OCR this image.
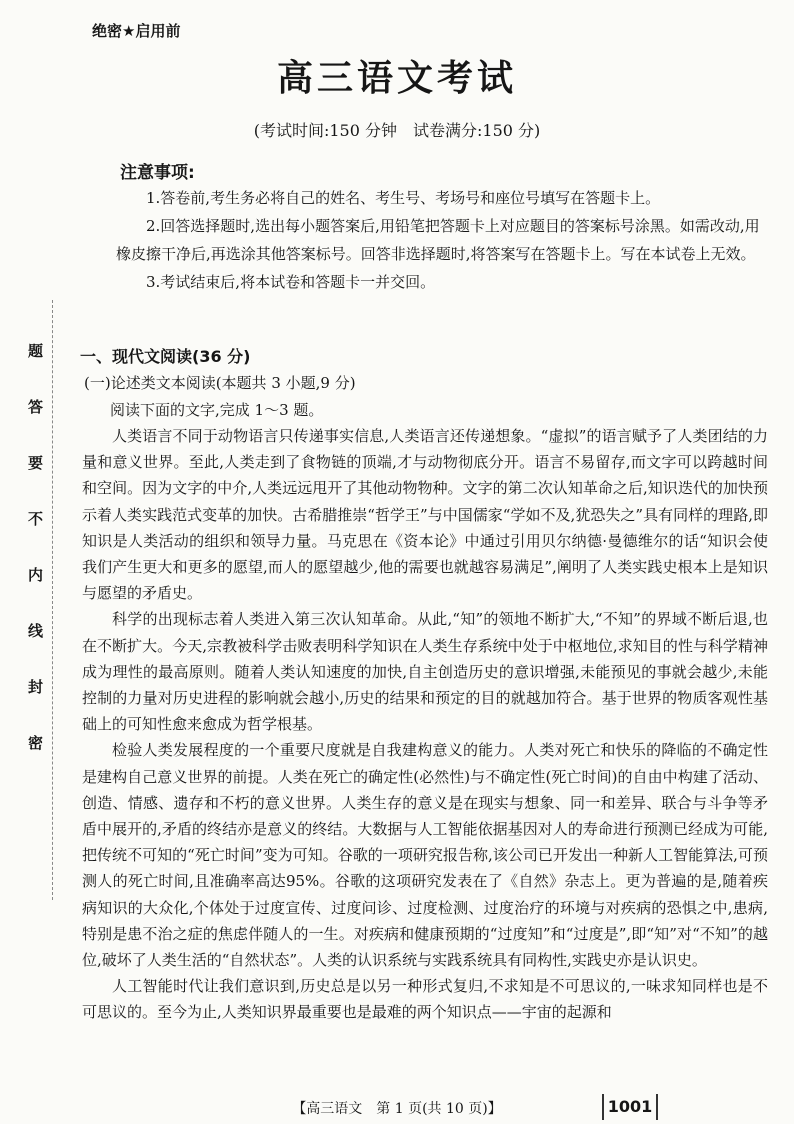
绝密★启用前
高三语文考试
(考试时间:150 分钟　试卷满分:150 分)
注意事项:

1.答卷前,考生务必将自己的姓名、考生号、考场号和座位号填写在答题卡上。

2.回答选择题时,选出每小题答案后,用铅笔把答题卡上对应题目的答案标号涂黑。如需改动,用橡皮擦干净后,再选涂其他答案标号。回答非选择题时,将答案写在答题卡上。写在本试卷上无效。

3.考试结束后,将本试卷和答题卡一并交回。

题
答
要
不
内
线
封
密
一、现代文阅读(36 分)
(一)论述类文本阅读(本题共 3 小题,9 分)
阅读下面的文字,完成 1～3 题。

人类语言不同于动物语言只传递事实信息,人类语言还传递想象。“虚拟”的语言赋予了人类团结的力量和意义世界。至此,人类走到了食物链的顶端,才与动物彻底分开。语言不易留存,而文字可以跨越时间和空间。因为文字的中介,人类远远甩开了其他动物物种。文字的第二次认知革命之后,知识迭代的加快预示着人类实践范式变革的加快。古希腊推崇“哲学王”与中国儒家“学如不及,犹恐失之”具有同样的理路,即知识是人类活动的组织和领导力量。马克思在《资本论》中通过引用贝尔纳德·曼德维尔的话“知识会使我们产生更大和更多的愿望,而人的愿望越少,他的需要也就越容易满足”,阐明了人类实践史根本上是知识与愿望的矛盾史。

科学的出现标志着人类进入第三次认知革命。从此,“知”的领地不断扩大,“不知”的界域不断后退,也在不断扩大。今天,宗教被科学击败表明科学知识在人类生存系统中处于中枢地位,求知目的性与科学精神成为理性的最高原则。随着人类认知速度的加快,自主创造历史的意识增强,未能预见的事就会越少,未能控制的力量对历史进程的影响就会越小,历史的结果和预定的目的就越加符合。基于世界的物质客观性基础上的可知性愈来愈成为哲学根基。

检验人类发展程度的一个重要尺度就是自我建构意义的能力。人类对死亡和快乐的降临的不确定性是建构自己意义世界的前提。人类在死亡的确定性(必然性)与不确定性(死亡时间)的自由中构建了活动、创造、情感、遗存和不朽的意义世界。人类生存的意义是在现实与想象、同一和差异、联合与斗争等矛盾中展开的,矛盾的终结亦是意义的终结。大数据与人工智能依据基因对人的寿命进行预测已经成为可能,把传统不可知的“死亡时间”变为可知。谷歌的一项研究报告称,该公司已开发出一种新人工智能算法,可预测人的死亡时间,且准确率高达95%。谷歌的这项研究发表在了《自然》杂志上。更为普遍的是,随着疾病知识的大众化,个体处于过度宣传、过度问诊、过度检测、过度治疗的环境与对疾病的恐惧之中,患病,特别是患不治之症的焦虑伴随人的一生。对疾病和健康预期的“过度知”和“过度是”,即“知”对“不知”的越位,破坏了人类生活的“自然状态”。人类的认识系统与实践系统具有同构性,实践史亦是认识史。

人工智能时代让我们意识到,历史总是以另一种形式复归,不求知是不可思议的,一味求知同样也是不可思议的。至今为止,人类知识界最重要也是最难的两个知识点——宇宙的起源和

【高三语文　第 1 页(共 10 页)】	1001
